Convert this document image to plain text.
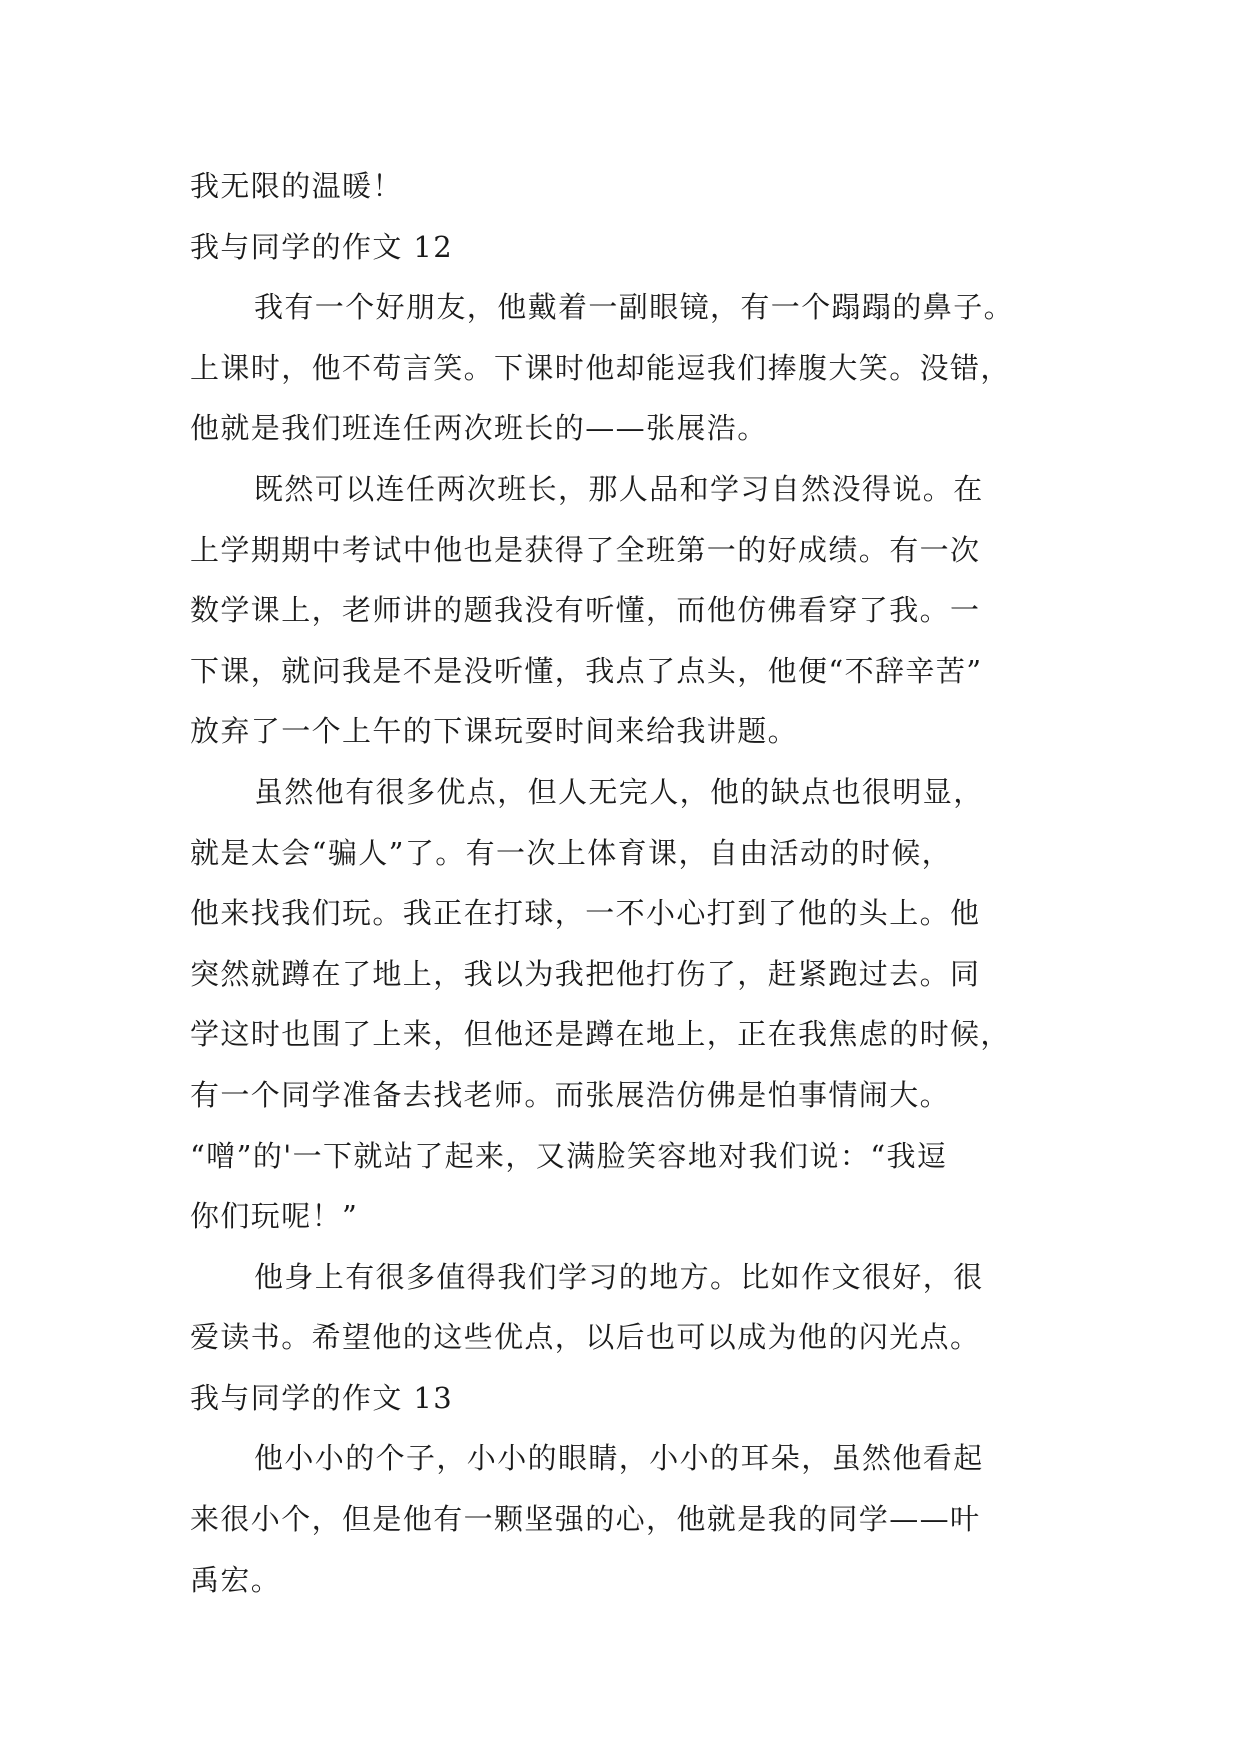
我无限的温暖！
我与同学的作文 12
我有一个好朋友，他戴着一副眼镜，有一个蹋蹋的鼻子。
上课时，他不苟言笑。下课时他却能逗我们捧腹大笑。没错，
他就是我们班连任两次班长的——张展浩。
既然可以连任两次班长，那人品和学习自然没得说。在
上学期期中考试中他也是获得了全班第一的好成绩。有一次
数学课上，老师讲的题我没有听懂，而他仿佛看穿了我。一
下课，就问我是不是没听懂，我点了点头，他便“不辞辛苦”
放弃了一个上午的下课玩耍时间来给我讲题。
虽然他有很多优点，但人无完人，他的缺点也很明显，
就是太会“骗人”了。有一次上体育课，自由活动的时候，
他来找我们玩。我正在打球，一不小心打到了他的头上。他
突然就蹲在了地上，我以为我把他打伤了，赶紧跑过去。同
学这时也围了上来，但他还是蹲在地上，正在我焦虑的时候，
有一个同学准备去找老师。而张展浩仿佛是怕事情闹大。
“噌”的'一下就站了起来，又满脸笑容地对我们说：“我逗
你们玩呢！”
他身上有很多值得我们学习的地方。比如作文很好，很
爱读书。希望他的这些优点，以后也可以成为他的闪光点。
我与同学的作文 13
他小小的个子，小小的眼睛，小小的耳朵，虽然他看起
来很小个，但是他有一颗坚强的心，他就是我的同学——叶
禹宏。
